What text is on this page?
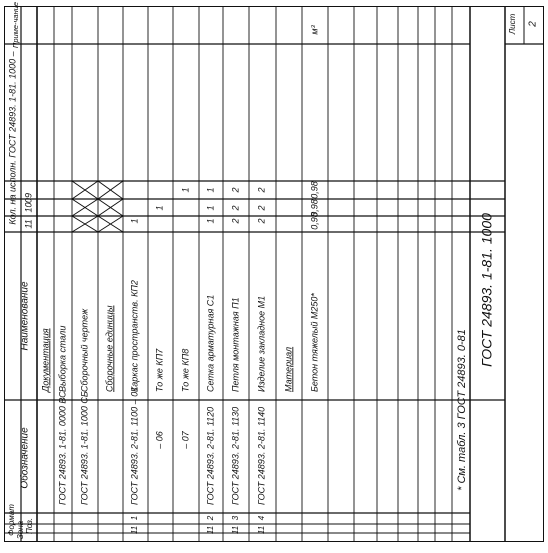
Формат Зона Поз.
Обозначение
Наименование
Кол. на исполн. ГОСТ 24893. 1-81. 1000 – 09
10
11
Приме-чание
Документация
ГОСТ 24893. 1-81. 0000 ВС
Выборка стали
ГОСТ 24893. 1-81. 1000 СБ
Сборочный чертеж Сборочные единицы
11
1
ГОСТ 24893. 2-81. 1100 – 01
Каркас пространств. КП2
1
– 06
То же КП7
1
– 07
То же КП8
1
11
2
ГОСТ 24893. 2-81. 1120
Сетка арматурная С1
1
1
1
11
3
ГОСТ 24893. 2-81. 1130
Петля монтажная П1
2
2
2
11
4
ГОСТ 24893. 2-81. 1140
Изделие закладное М1
2
2
2
Материал Бетон тяжелый М250*
0,98
0,98
0,98
м³
* См. табл. 3 ГОСТ 24893. 0-81
ГОСТ 24893. 1-81. 1000
Лист 2
